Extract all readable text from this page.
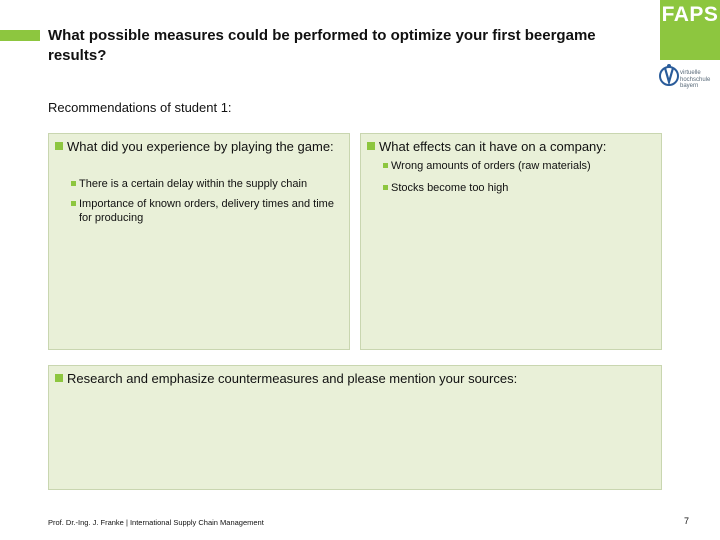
What possible measures could be performed to optimize your first beergame results?
FAPS
virtuelle
hochschule
bayern

Recommendations of student 1:

What did you experience by playing the game:

There is a certain delay within the supply chain

Importance of known orders, delivery times and time for producing

What effects can it have on a company:

Wrong amounts of orders (raw materials)

Stocks become too high

Research and emphasize countermeasures and please mention your sources:

Prof. Dr.-Ing. J. Franke | International Supply Chain Management	7
